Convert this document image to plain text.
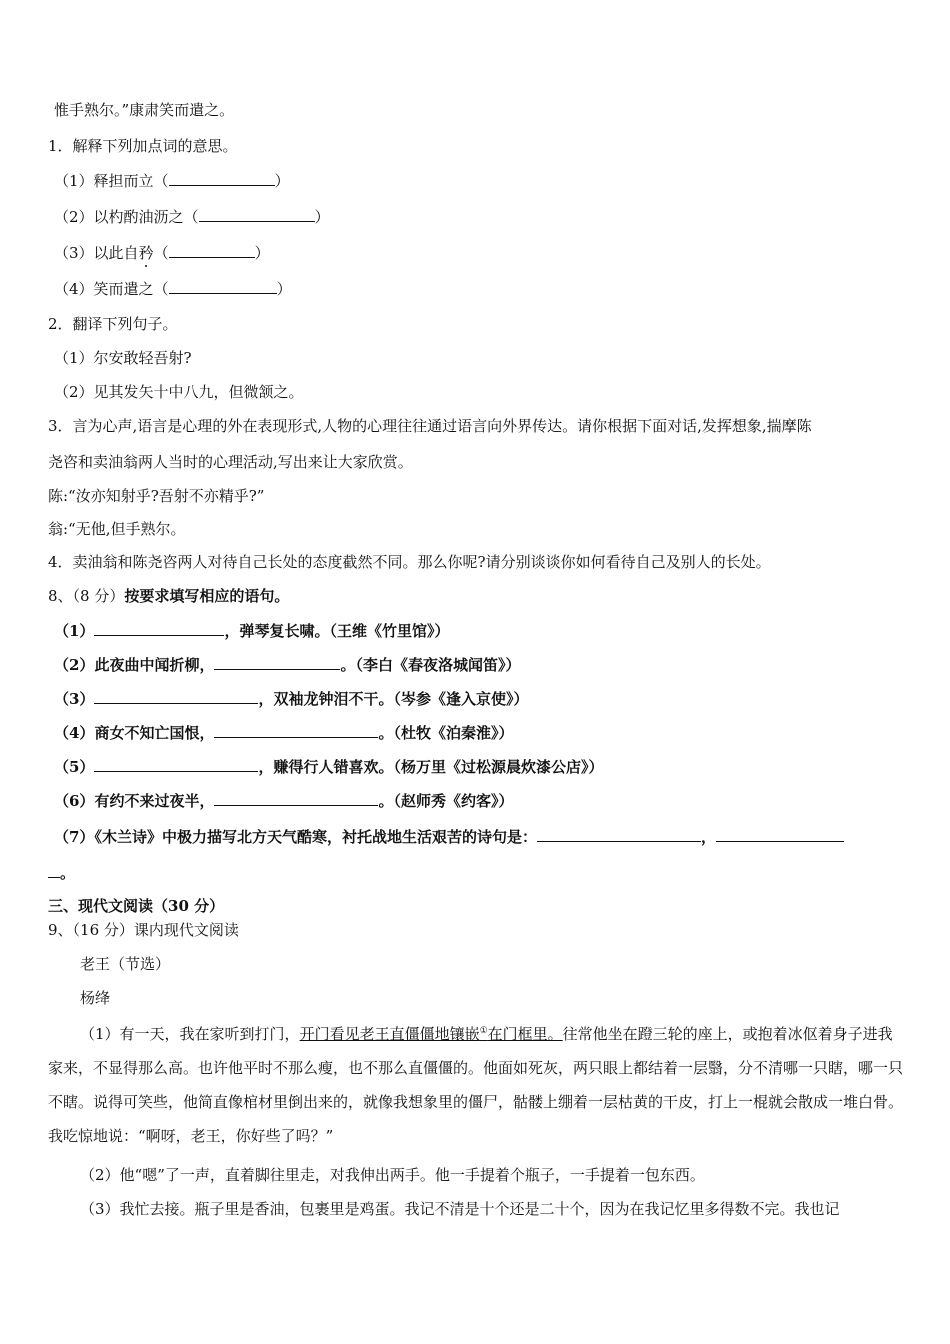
惟手熟尔。”康肃笑而遣之。
1．解释下列加点词的意思。
（1）释担而立（	）
（2）以杓酌油沥之（	）
（3）以此自矜（	）
（4）笑而遣之（	）
2．翻译下列句子。
（1）尔安敢轻吾射?
（2）见其发矢十中八九，但微颔之。
3．言为心声,语言是心理的外在表现形式,人物的心理往往通过语言向外界传达。请你根据下面对话,发挥想象,揣摩陈
尧咨和卖油翁两人当时的心理活动,写出来让大家欣赏。
陈:“汝亦知射乎?吾射不亦精乎?”
翁:“无他,但手熟尔。
4．卖油翁和陈尧咨两人对待自己长处的态度截然不同。那么你呢?请分别谈谈你如何看待自己及别人的长处。
8、（8 分）按要求填写相应的语句。
（1）	，弹琴复长啸。（王维《竹里馆》）
（2）此夜曲中闻折柳，	。（李白《春夜洛城闻笛》）
（3）	，双袖龙钟泪不干。（岑参《逢入京使》）
（4）商女不知亡国恨，	。（杜牧《泊秦淮》）
（5）	，赚得行人错喜欢。（杨万里《过松源晨炊漆公店》）
（6）有约不来过夜半，	。（赵师秀《约客》）
（7）《木兰诗》中极力描写北方天气酷寒，衬托战地生活艰苦的诗句是：	，
。
三、现代文阅读（30 分）
9、（16 分）课内现代文阅读
老王（节选）
杨绛
（1）有一天，我在家听到打门，开门看见老王直僵僵地镶嵌①在门框里。往常他坐在蹬三轮的座上，或抱着冰伛着身子进我家来，不显得那么高。也许他平时不那么瘦，也不那么直僵僵的。他面如死灰，两只眼上都结着一层翳，分不清哪一只瞎，哪一只不瞎。说得可笑些，他简直像棺材里倒出来的，就像我想象里的僵尸，骷髅上绷着一层枯黄的干皮，打上一棍就会散成一堆白骨。我吃惊地说：“啊呀，老王，你好些了吗？”
（2）他“嗯”了一声，直着脚往里走，对我伸出两手。他一手提着个瓶子，一手提着一包东西。
（3）我忙去接。瓶子里是香油，包裹里是鸡蛋。我记不清是十个还是二十个，因为在我记忆里多得数不完。我也记
